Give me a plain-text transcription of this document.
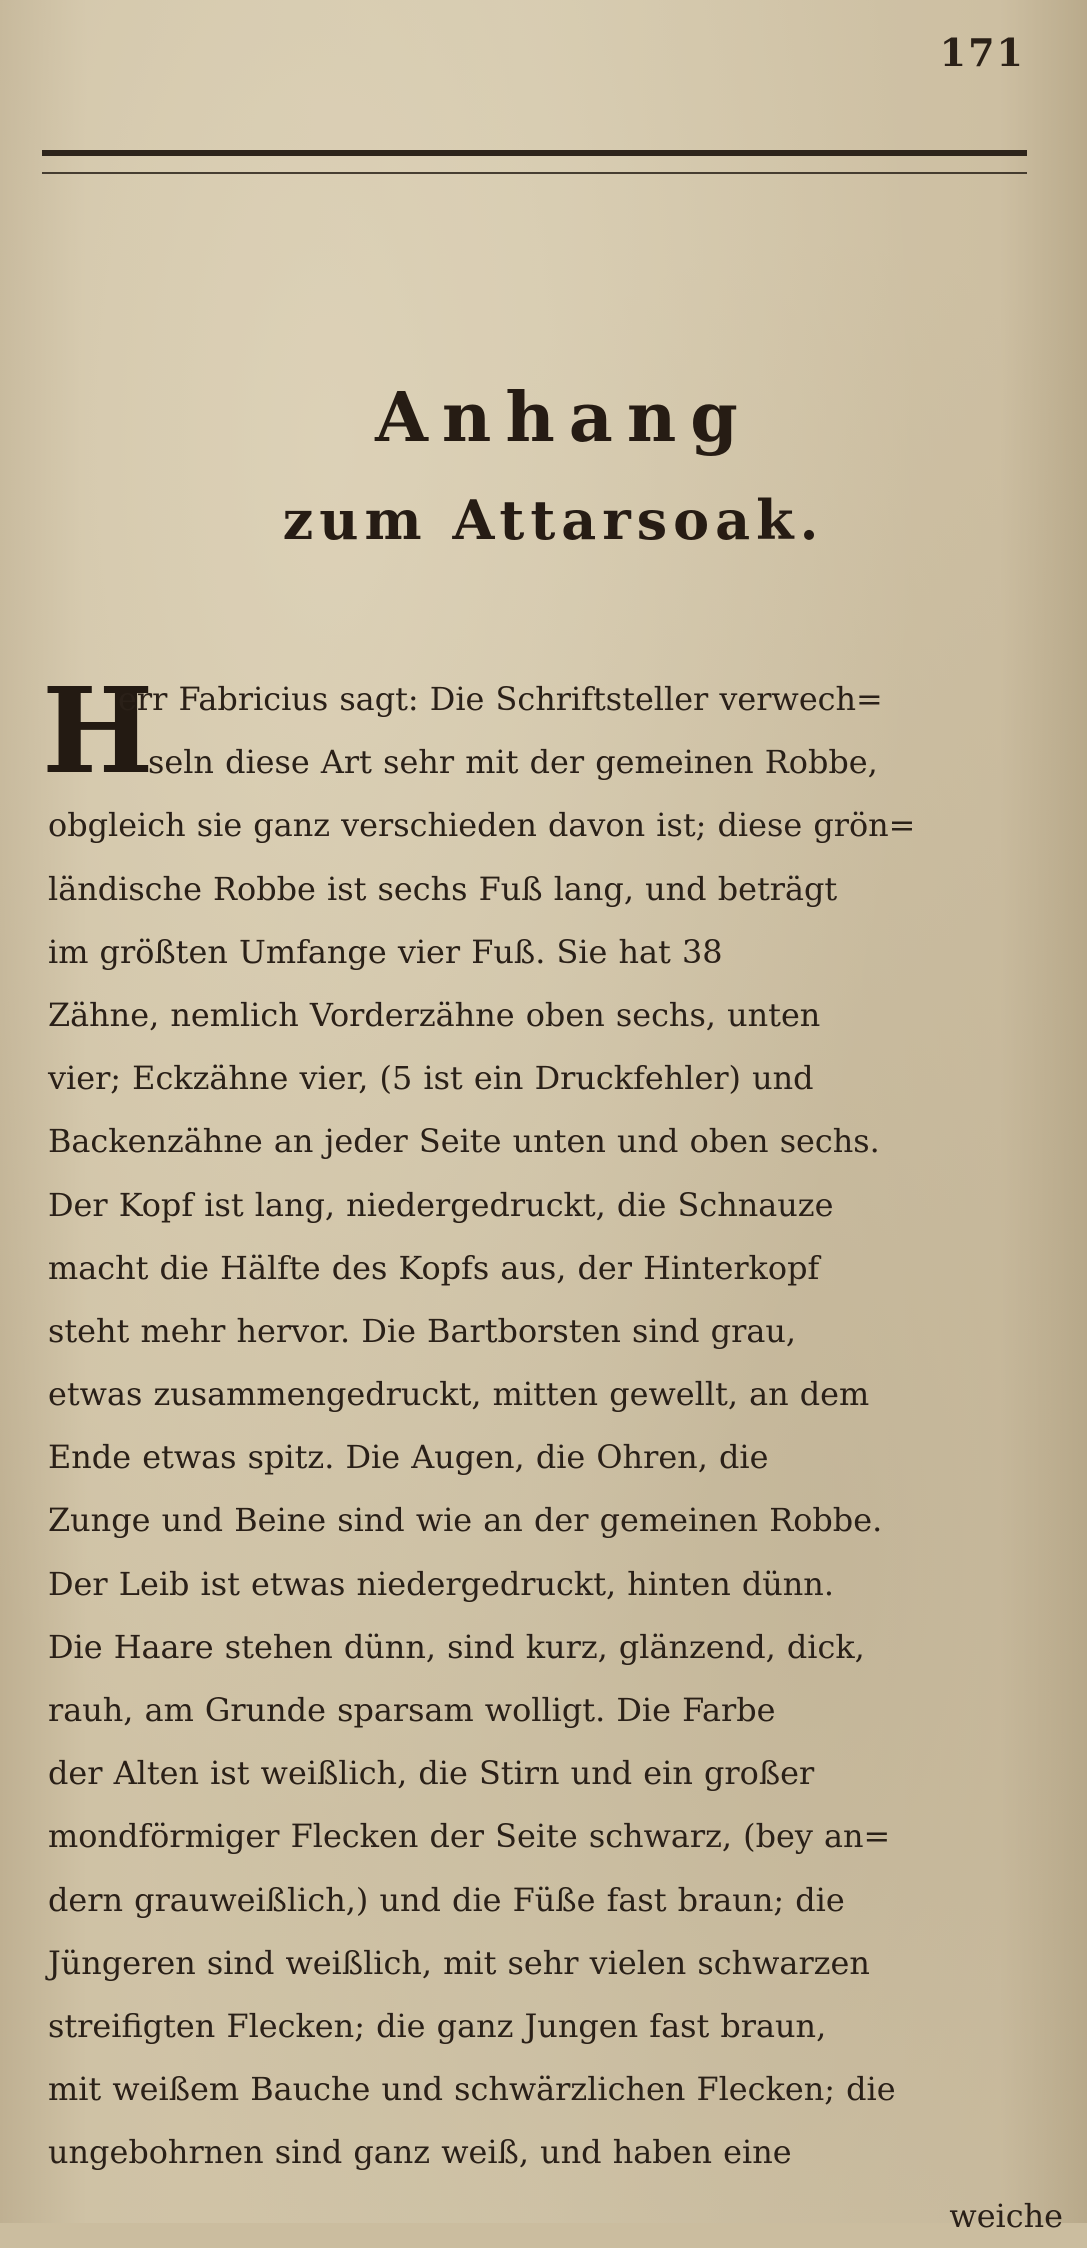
171
Anhang
zum Attarsoak.
H
err Fabricius sagt: Die Schriftsteller verwech=
seln diese Art sehr mit der gemeinen Robbe,
obgleich sie ganz verschieden davon ist; diese grön=
ländische Robbe ist sechs Fuß lang, und beträgt
im größten Umfange vier Fuß. Sie hat 38
Zähne, nemlich Vorderzähne oben sechs, unten
vier; Eckzähne vier, (5 ist ein Druckfehler) und
Backenzähne an jeder Seite unten und oben sechs.
Der Kopf ist lang, niedergedruckt, die Schnauze
macht die Hälfte des Kopfs aus, der Hinterkopf
steht mehr hervor. Die Bartborsten sind grau,
etwas zusammengedruckt, mitten gewellt, an dem
Ende etwas spitz. Die Augen, die Ohren, die
Zunge und Beine sind wie an der gemeinen Robbe.
Der Leib ist etwas niedergedruckt, hinten dünn.
Die Haare stehen dünn, sind kurz, glänzend, dick,
rauh, am Grunde sparsam wolligt. Die Farbe
der Alten ist weißlich, die Stirn und ein großer
mondförmiger Flecken der Seite schwarz, (bey an=
dern grauweißlich,) und die Füße fast braun; die
Jüngeren sind weißlich, mit sehr vielen schwarzen
streifigten Flecken; die ganz Jungen fast braun,
mit weißem Bauche und schwärzlichen Flecken; die
ungebohrnen sind ganz weiß, und haben eine
weiche
